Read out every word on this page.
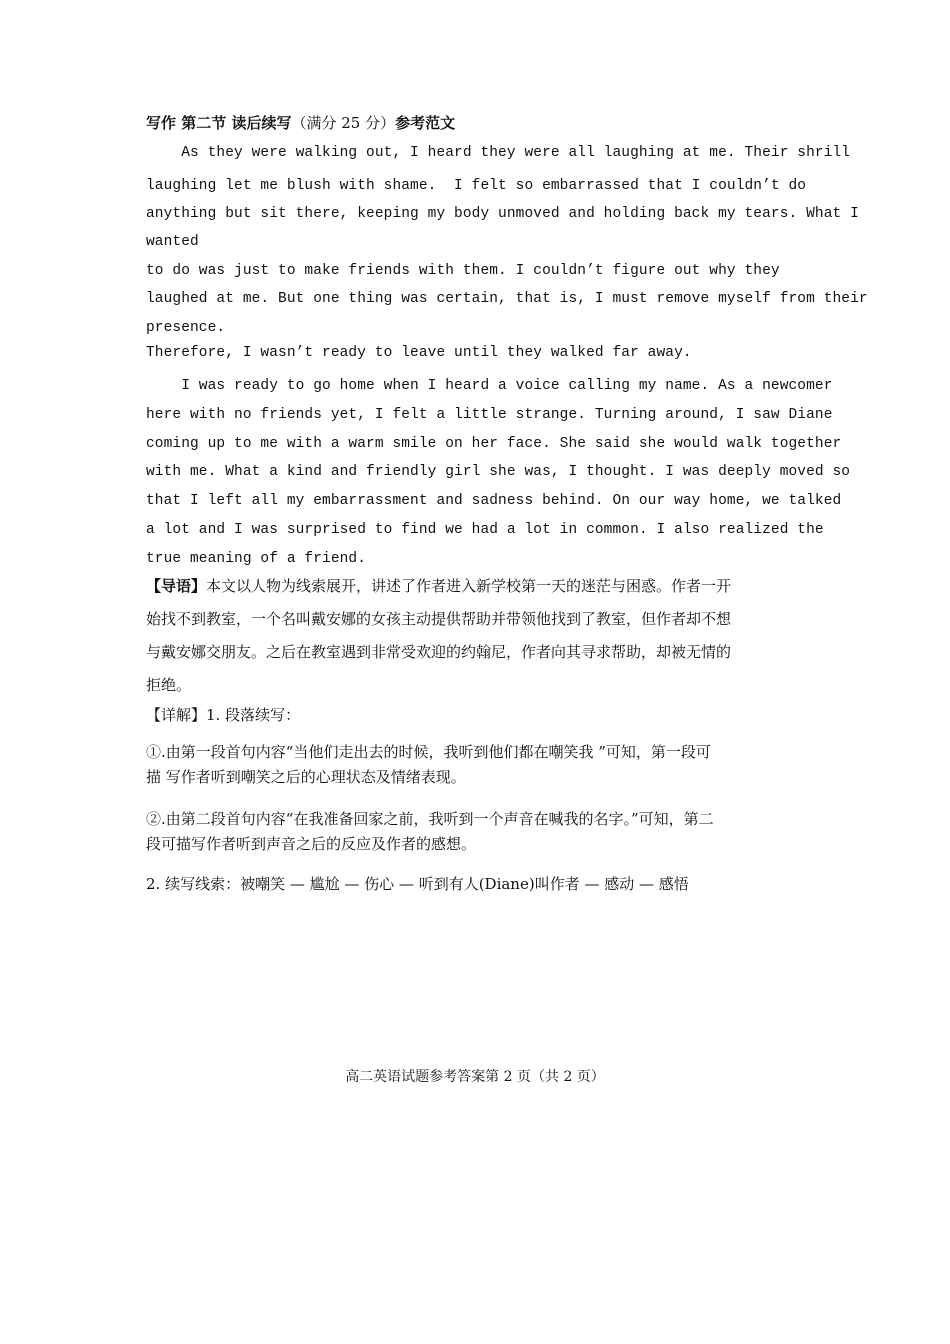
写作 第二节 读后续写（满分 25 分）参考范文
As they were walking out, I heard they were all laughing at me. Their shrill
laughing let me blush with shame.  I felt so embarrassed that I couldn’t do
anything but sit there, keeping my body unmoved and holding back my tears. What I
wanted
to do was just to make friends with them. I couldn’t figure out why they
laughed at me. But one thing was certain, that is, I must remove myself from their
presence.
Therefore, I wasn’t ready to leave until they walked far away.
I was ready to go home when I heard a voice calling my name. As a newcomer
here with no friends yet, I felt a little strange. Turning around, I saw Diane
coming up to me with a warm smile on her face. She said she would walk together
with me. What a kind and friendly girl she was, I thought. I was deeply moved so
that I left all my embarrassment and sadness behind. On our way home, we talked
a lot and I was surprised to find we had a lot in common. I also realized the
true meaning of a friend.
【导语】本文以人物为线索展开，讲述了作者进入新学校第一天的迷茫与困惑。作者一开
始找不到教室，一个名叫戴安娜的女孩主动提供帮助并带领他找到了教室，但作者却不想
与戴安娜交朋友。之后在教室遇到非常受欢迎的约翰尼，作者向其寻求帮助，却被无情的
拒绝。
【详解】1. 段落续写：
①.由第一段首句内容“当他们走出去的时候，我听到他们都在嘲笑我 ”可知，第一段可
描 写作者听到嘲笑之后的心理状态及情绪表现。
②.由第二段首句内容“在我准备回家之前，我听到一个声音在喊我的名字。”可知，第二
段可描写作者听到声音之后的反应及作者的感想。
2. 续写线索：被嘲笑 — 尴尬 — 伤心 — 听到有人(Diane)叫作者 — 感动 — 感悟
高二英语试题参考答案第 2 页（共 2 页）
